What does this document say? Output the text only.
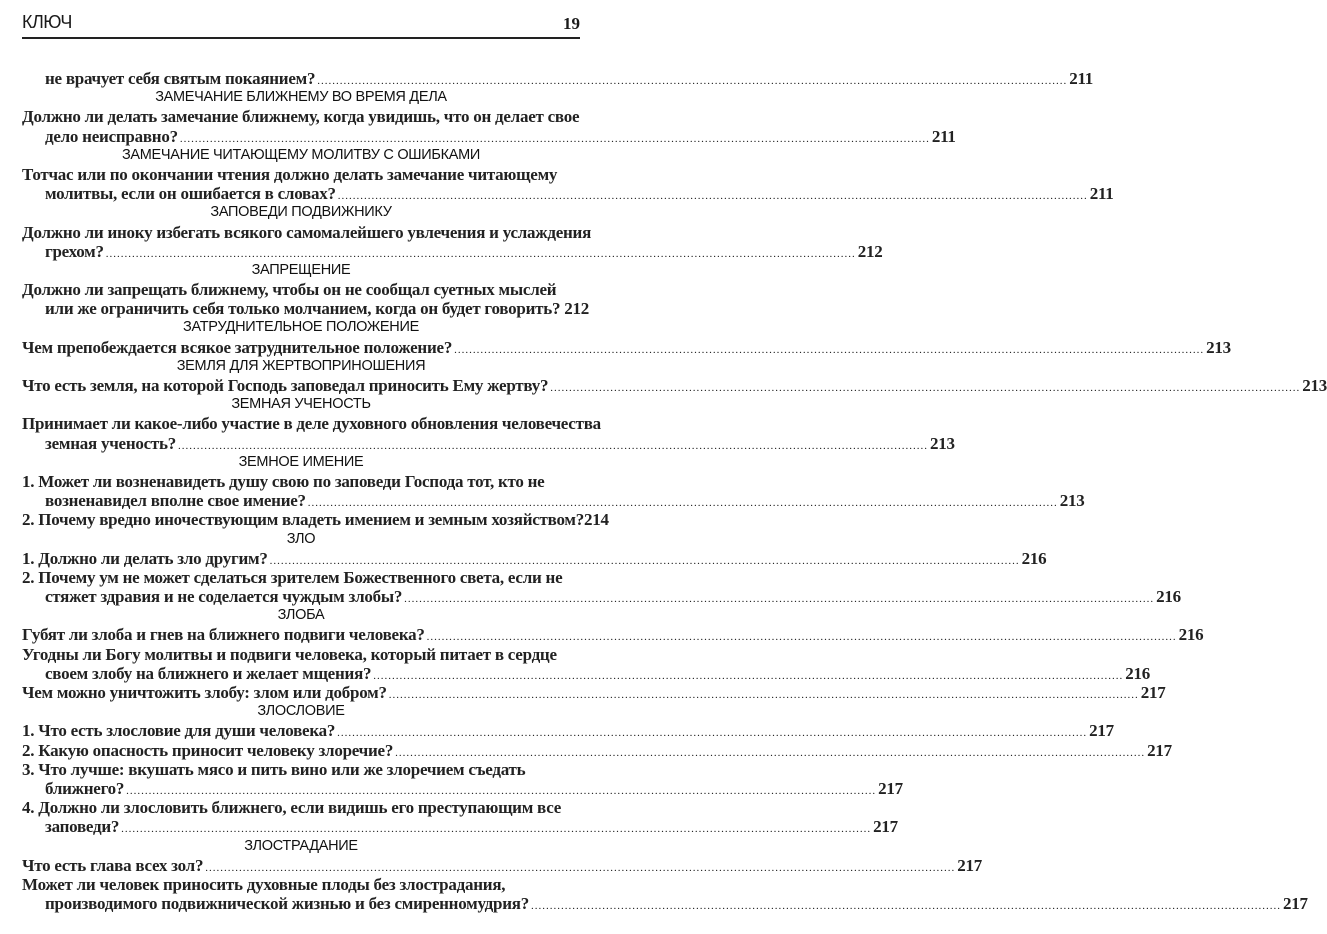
КЛЮЧ	19
не врачует себя святым покаянием? .....	211
ЗАМЕЧАНИЕ БЛИЖНЕМУ ВО ВРЕМЯ ДЕЛА
Должно ли делать замечание ближнему, когда увидишь, что он делает свое
дело неисправно? .....	211
ЗАМЕЧАНИЕ ЧИТАЮЩЕМУ МОЛИТВУ С ОШИБКАМИ
Тотчас или по окончании чтения должно делать замечание читающему
молитвы, если он ошибается в словах? .....	211
ЗАПОВЕДИ ПОДВИЖНИКУ
Должно ли иноку избегать всякого самомалейшего увлечения и услаждения
грехом? .....	212
ЗАПРЕЩЕНИЕ
Должно ли запрещать ближнему, чтобы он не сообщал суетных мыслей
или же ограничить себя только молчанием, когда он будет говорить? 212
ЗАТРУДНИТЕЛЬНОЕ ПОЛОЖЕНИЕ
Чем препобеждается всякое затруднительное положение? .....	213
ЗЕМЛЯ ДЛЯ ЖЕРТВОПРИНОШЕНИЯ
Что есть земля, на которой Господь заповедал приносить Ему жертву? .....	213
ЗЕМНАЯ УЧЕНОСТЬ
Принимает ли какое-либо участие в деле духовного обновления человечества
земная ученость? .....	213
ЗЕМНОЕ ИМЕНИЕ
1. Может ли возненавидеть душу свою по заповеди Господа тот, кто не
возненавидел вполне свое имение? .....	213
2. Почему вредно иночествующим владеть имением и земным хозяйством? 214
ЗЛО
1. Должно ли делать зло другим? .....	216
2. Почему ум не может сделаться зрителем Божественного света, если не
стяжет здравия и не соделается чуждым злобы? .....	216
ЗЛОБА
Губят ли злоба и гнев на ближнего подвиги человека? .....	216
Угодны ли Богу молитвы и подвиги человека, который питает в сердце
своем злобу на ближнего и желает мщения? .....	216
Чем можно уничтожить злобу: злом или добром? .....	217
ЗЛОСЛОВИЕ
1. Что есть злословие для души человека? .....	217
2. Какую опасность приносит человеку злоречие? .....	217
3. Что лучше: вкушать мясо и пить вино или же злоречием съедать
ближнего? .....	217
4. Должно ли злословить ближнего, если видишь его преступающим все
заповеди? .....	217
ЗЛОСТРАДАНИЕ
Что есть глава всех зол? .....	217
Может ли человек приносить духовные плоды без злострадания,
производимого подвижнической жизнью и без смиренномудрия? .....	217
